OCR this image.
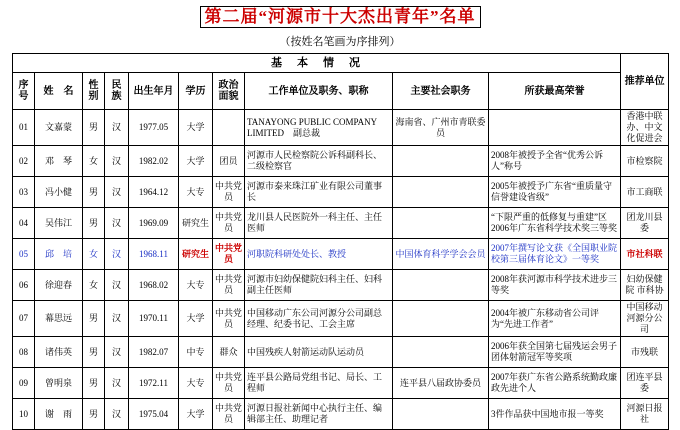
第二届“河源市十大杰出青年”名单
（按姓名笔画为序排列）
基　本　情　况										推荐单位
序号	姓　名	性别	民族	出生年月	学历	政治面貌	工作单位及职务、职称	主要社会职务	所获最高荣誉	
01	文嘉蒙	男	汉	1977.05	大学		TANAYONG PUBLIC COMPANY LIMITED　副总裁	海南省、广州市青联委员		香港中联办、中文化促进会
02	邓　琴	女	汉	1982.02	大学	团员	河源市人民检察院公诉科副科长、二级检察官		2008年被授予全省“优秀公诉人”称号	市检察院
03	冯小健	男	汉	1964.12	大专	中共党员	河源市泰来珠江矿业有限公司董事长		2005年被授予广东省“重质量守信誉建设省级”	市工商联
04	吴伟江	男	汉	1969.09	研究生	中共党员	龙川县人民医院外一科主任、主任医师		“下限严重的低修复与重建”区2006年广东省科学技术奖三等奖	团龙川县委
05	邱　培	女	汉	1968.11	研究生	中共党员	河职院科研处处长、教授	中国体育科学学会会员	2007年撰写论文获《全国职业院校第三届体育论文》一等奖	市社科联
06	徐迎春	女	汉	1968.02	大专	中共党员	河源市妇幼保健院妇科主任、妇科副主任医师		2008年获河源市科学技术进步三等奖	妇幼保健院 市科协
07	幕思远	男	汉	1970.11	大学	中共党员	中国移动广东公司河源分公司副总经理、纪委书记、工会主席		2004年被广东移动省公司评为“先进工作者”	中国移动河源分公司
08	诸伟英	男	汉	1982.07	中专	群众	中国残疾人射箭运动队运动员		2006年获全国第七届残运会男子团体射箭冠军等奖项	市残联
09	曾明泉	男	汉	1972.11	大专	中共党员	连平县公路局党组书记、局长、工程师	连平县八届政协委员	2007年获广东省公路系统勤政廉政先进个人	团连平县委
10	谢　雨	男	汉	1975.04	大学	中共党员	河源日报社新闻中心执行主任、编辑部主任、助理记者		3件作品获中国地市报一等奖	河源日报社
